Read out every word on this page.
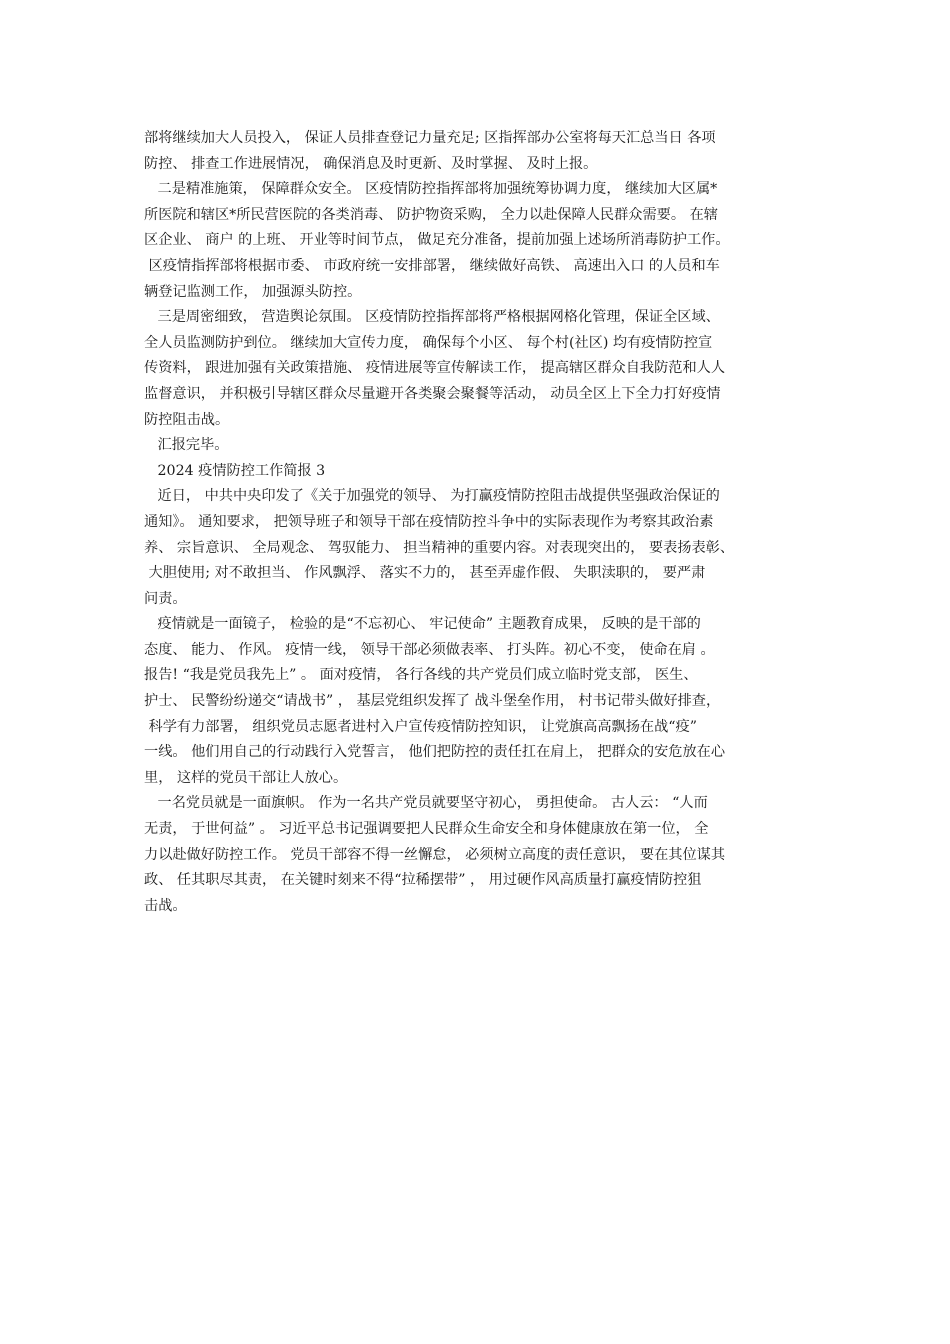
部将继续加大人员投入， 保证人员排查登记力量充足; 区指挥部办公室将每天汇总当日 各项
防控、 排查工作进展情况， 确保消息及时更新、及时掌握、 及时上报。
二是精准施策， 保障群众安全。 区疫情防控指挥部将加强统筹协调力度， 继续加大区属*
所医院和辖区*所民营医院的各类消毒、 防护物资采购， 全力以赴保障人民群众需要。 在辖
区企业、 商户 的上班、 开业等时间节点， 做足充分准备，提前加强上述场所消毒防护工作。
区疫情指挥部将根据市委、 市政府统一安排部署， 继续做好高铁、 高速出入口 的人员和车
辆登记监测工作， 加强源头防控。
三是周密细致， 营造舆论氛围。 区疫情防控指挥部将严格根据网格化管理，保证全区域、
全人员监测防护到位。 继续加大宣传力度， 确保每个小区、 每个村(社区) 均有疫情防控宣
传资料， 跟进加强有关政策措施、 疫情进展等宣传解读工作， 提高辖区群众自我防范和人人
监督意识， 并积极引导辖区群众尽量避开各类聚会聚餐等活动， 动员全区上下全力打好疫情
防控阻击战。
汇报完毕。
2024 疫情防控工作简报 3
近日， 中共中央印发了《关于加强党的领导、 为打赢疫情防控阻击战提供坚强政治保证的
通知》。 通知要求， 把领导班子和领导干部在疫情防控斗争中的实际表现作为考察其政治素
养、 宗旨意识、 全局观念、 驾驭能力、 担当精神的重要内容。对表现突出的， 要表扬表彰、
大胆使用; 对不敢担当、 作风飘浮、 落实不力的， 甚至弄虚作假、 失职渎职的， 要严肃
问责。
疫情就是一面镜子， 检验的是“不忘初心、 牢记使命” 主题教育成果， 反映的是干部的
态度、 能力、 作风。 疫情一线， 领导干部必须做表率、 打头阵。初心不变， 使命在肩 。
报告! “我是党员我先上” 。 面对疫情， 各行各线的共产党员们成立临时党支部， 医生、
护士、 民警纷纷递交“请战书” ， 基层党组织发挥了 战斗堡垒作用， 村书记带头做好排查，
科学有力部署， 组织党员志愿者进村入户宣传疫情防控知识， 让党旗高高飘扬在战“疫”
一线。 他们用自己的行动践行入党誓言， 他们把防控的责任扛在肩上， 把群众的安危放在心
里， 这样的党员干部让人放心。
一名党员就是一面旗帜。 作为一名共产党员就要坚守初心， 勇担使命。 古人云： “人而
无责， 于世何益” 。 习近平总书记强调要把人民群众生命安全和身体健康放在第一位， 全
力以赴做好防控工作。 党员干部容不得一丝懈怠， 必须树立高度的责任意识， 要在其位谋其
政、 任其职尽其责， 在关键时刻来不得“拉稀摆带” ， 用过硬作风高质量打赢疫情防控狙
击战。
